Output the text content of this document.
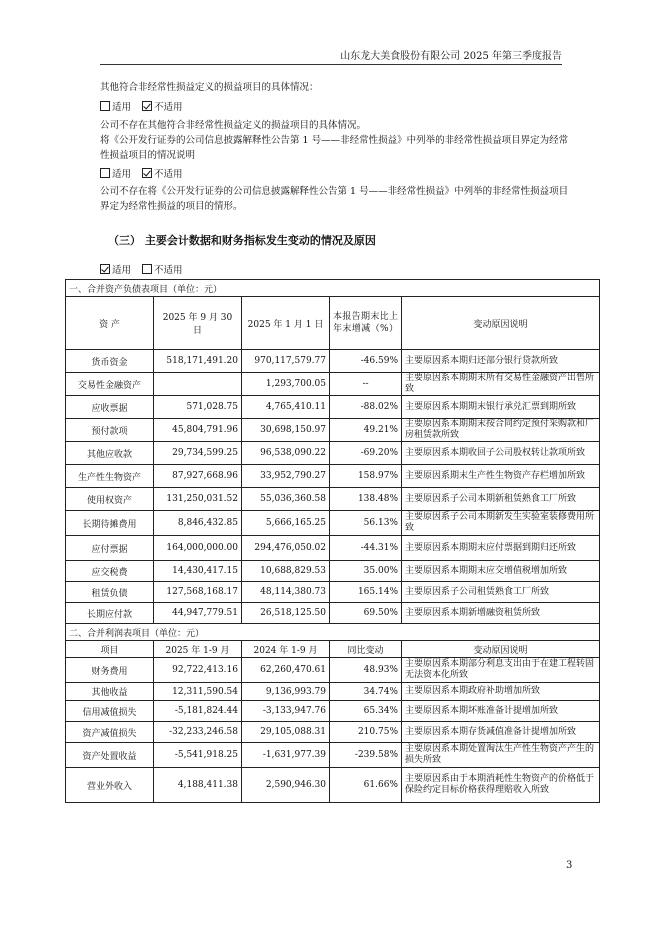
山东龙大美食股份有限公司 2025 年第三季度报告
其他符合非经常性损益定义的损益项目的具体情况：
适用 不适用
公司不存在其他符合非经常性损益定义的损益项目的具体情况。
将《公开发行证券的公司信息披露解释性公告第 1 号——非经常性损益》中列举的非经常性损益项目界定为经常性损益项目的情况说明
适用 不适用
公司不存在将《公开发行证券的公司信息披露解释性公告第 1 号——非经常性损益》中列举的非经常性损益项目界定为经常性损益的项目的情形。
（三） 主要会计数据和财务指标发生变动的情况及原因
适用 不适用
一、合并资产负债表项目（单位：元）				
资 产	2025 年 9 月 30 日	2025 年 1 月 1 日	本报告期末比上年末增减（%）	变动原因说明
货币资金	518,171,491.20	970,117,579.77	-46.59%	主要原因系本期归还部分银行贷款所致
交易性金融资产		1,293,700.05	--	主要原因系本期期末所有交易性金融资产出售所致
应收票据	571,028.75	4,765,410.11	-88.02%	主要原因系本期期末银行承兑汇票到期所致
预付款项	45,804,791.96	30,698,150.97	49.21%	主要原因系本期期末按合同约定预付采购款和厂房租赁款所致
其他应收款	29,734,599.25	96,538,090.22	-69.20%	主要原因系本期收回子公司股权转让款项所致
生产性生物资产	87,927,668.96	33,952,790.27	158.97%	主要原因系期末生产性生物资产存栏增加所致
使用权资产	131,250,031.52	55,036,360.58	138.48%	主要原因系子公司本期新租赁熟食工厂所致
长期待摊费用	8,846,432.85	5,666,165.25	56.13%	主要原因系子公司本期新发生实验室装修费用所致
应付票据	164,000,000.00	294,476,050.02	-44.31%	主要原因系本期期末应付票据到期归还所致
应交税费	14,430,417.15	10,688,829.53	35.00%	主要原因系本期期末应交增值税增加所致
租赁负债	127,568,168.17	48,114,380.73	165.14%	主要原因系子公司租赁熟食工厂所致
长期应付款	44,947,779.51	26,518,125.50	69.50%	主要原因系本期新增融资租赁所致
二、合并利润表项目（单位：元）				
项目	2025 年 1-9 月	2024 年 1-9 月	同比变动	变动原因说明
财务费用	92,722,413.16	62,260,470.61	48.93%	主要原因系本期部分利息支出由于在建工程转固无法资本化所致
其他收益	12,311,590.54	9,136,993.79	34.74%	主要原因系本期政府补助增加所致
信用减值损失	-5,181,824.44	-3,133,947.76	65.34%	主要原因系本期坏账准备计提增加所致
资产减值损失	-32,233,246.58	29,105,088.31	210.75%	主要原因系本期存货减值准备计提增加所致
资产处置收益	-5,541,918.25	-1,631,977.39	-239.58%	主要原因系本期处置淘汰生产性生物资产产生的损失所致
营业外收入	4,188,411.38	2,590,946.30	61.66%	主要原因系由于本期消耗性生物资产的价格低于保险约定目标价格获得理赔收入所致
3
